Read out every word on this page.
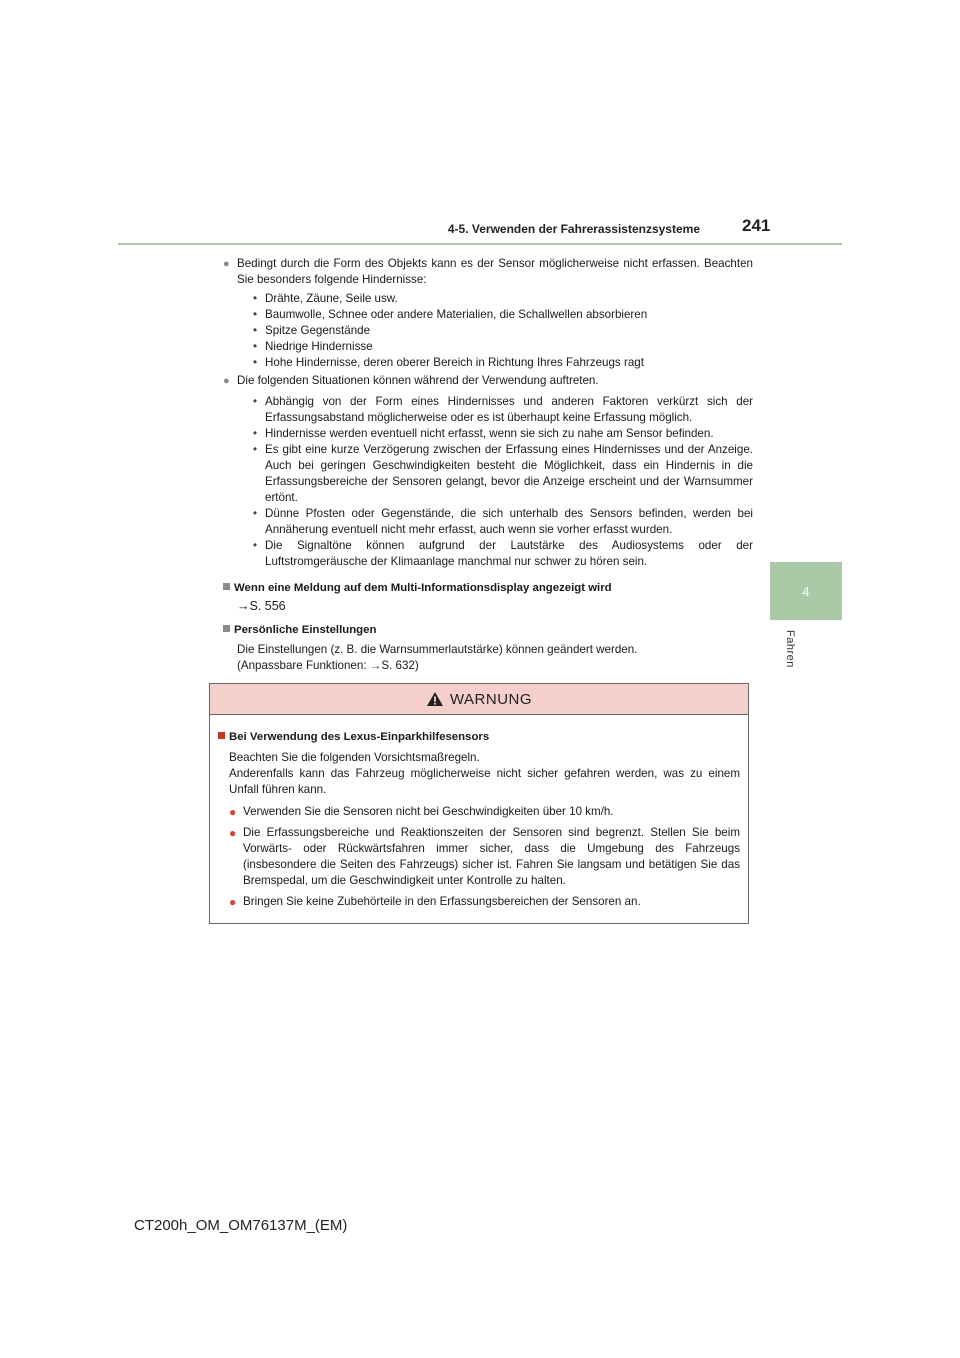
4-5. Verwenden der Fahrerassistenzsysteme 241
4
Fahren
● Bedingt durch die Form des Objekts kann es der Sensor möglicherweise nicht erfassen. Beachten Sie besonders folgende Hindernisse:

• Drähte, Zäune, Seile usw.
• Baumwolle, Schnee oder andere Materialien, die Schallwellen absorbieren
• Spitze Gegenstände
• Niedrige Hindernisse
• Hohe Hindernisse, deren oberer Bereich in Richtung Ihres Fahrzeugs ragt
● Die folgenden Situationen können während der Verwendung auftreten.

• Abhängig von der Form eines Hindernisses und anderen Faktoren verkürzt sich der Erfassungsabstand möglicherweise oder es ist überhaupt keine Erfassung möglich.
• Hindernisse werden eventuell nicht erfasst, wenn sie sich zu nahe am Sensor befinden.
• Es gibt eine kurze Verzögerung zwischen der Erfassung eines Hindernisses und der Anzeige. Auch bei geringen Geschwindigkeiten besteht die Möglichkeit, dass ein Hindernis in die Erfassungsbereiche der Sensoren gelangt, bevor die Anzeige erscheint und der Warnsummer ertönt.
• Dünne Pfosten oder Gegenstände, die sich unterhalb des Sensors befinden, werden bei Annäherung eventuell nicht mehr erfasst, auch wenn sie vorher erfasst wurden.
• Die Signaltöne können aufgrund der Lautstärke des Audiosystems oder der Luftstromgeräusche der Klimaanlage manchmal nur schwer zu hören sein.
Wenn eine Meldung auf dem Multi-Informationsdisplay angezeigt wird
→S. 556
Persönliche Einstellungen
Die Einstellungen (z. B. die Warnsummerlautstärke) können geändert werden.
(Anpassbare Funktionen: →S. 632)
WARNUNG
Bei Verwendung des Lexus-Einparkhilfesensors
Beachten Sie die folgenden Vorsichtsmaßregeln.
Anderenfalls kann das Fahrzeug möglicherweise nicht sicher gefahren werden, was zu einem Unfall führen kann.
● Verwenden Sie die Sensoren nicht bei Geschwindigkeiten über 10 km/h.
● Die Erfassungsbereiche und Reaktionszeiten der Sensoren sind begrenzt. Stellen Sie beim Vorwärts- oder Rückwärtsfahren immer sicher, dass die Umgebung des Fahrzeugs (insbesondere die Seiten des Fahrzeugs) sicher ist. Fahren Sie langsam und betätigen Sie das Bremspedal, um die Geschwindigkeit unter Kontrolle zu halten.
● Bringen Sie keine Zubehörteile in den Erfassungsbereichen der Sensoren an.
CT200h_OM_OM76137M_(EM)
